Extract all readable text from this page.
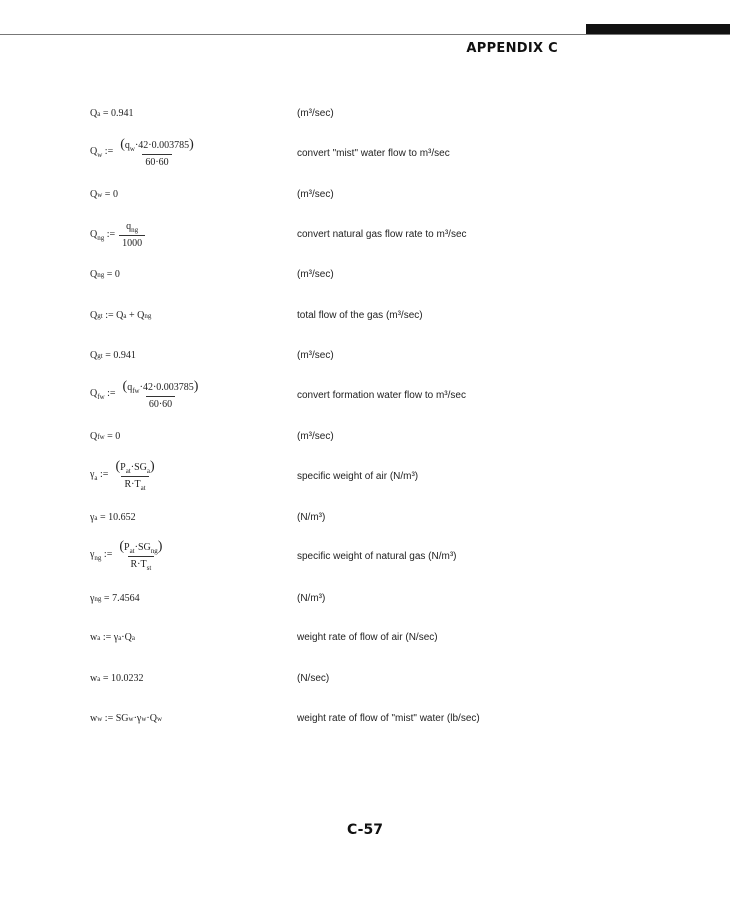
APPENDIX C
Q a = 0.941	(m³/sec)
$Q_w$ := $\frac{(q_w\cdot 42\cdot 0.003785)}{60\cdot 60}$	convert "mist" water flow to m³/sec
Q w = 0	(m³/sec)
$Q_{ng}$ := $\frac{q_{ng}}{1000}$	convert natural gas flow rate to m³/sec
Q ng = 0	(m³/sec)
Q gt := Q a + Q ng	total flow of the gas (m³/sec)
Q gt = 0.941	(m³/sec)
$Q_{fw}$ := $\frac{(q_{fw}\cdot 42\cdot 0.003785)}{60\cdot 60}$	convert formation water flow to m³/sec
Q fw = 0	(m³/sec)
$\gamma_a$ := $\frac{(P_{at}\cdot SG_a)}{R\cdot T_{at}}$	specific weight of air (N/m³)
γ a = 10.652	(N/m³)
$\gamma_{ng}$ := $\frac{(P_{at}\cdot SG_{ng})}{R\cdot T_{st}}$	specific weight of natural gas (N/m³)
γ ng = 7.4564	(N/m³)
w a := γ a ·Q a	weight rate of flow of air (N/sec)
w a = 10.0232	(N/sec)
w w := SG w ·γ w ·Q w	weight rate of flow of "mist" water (lb/sec)
C-57
